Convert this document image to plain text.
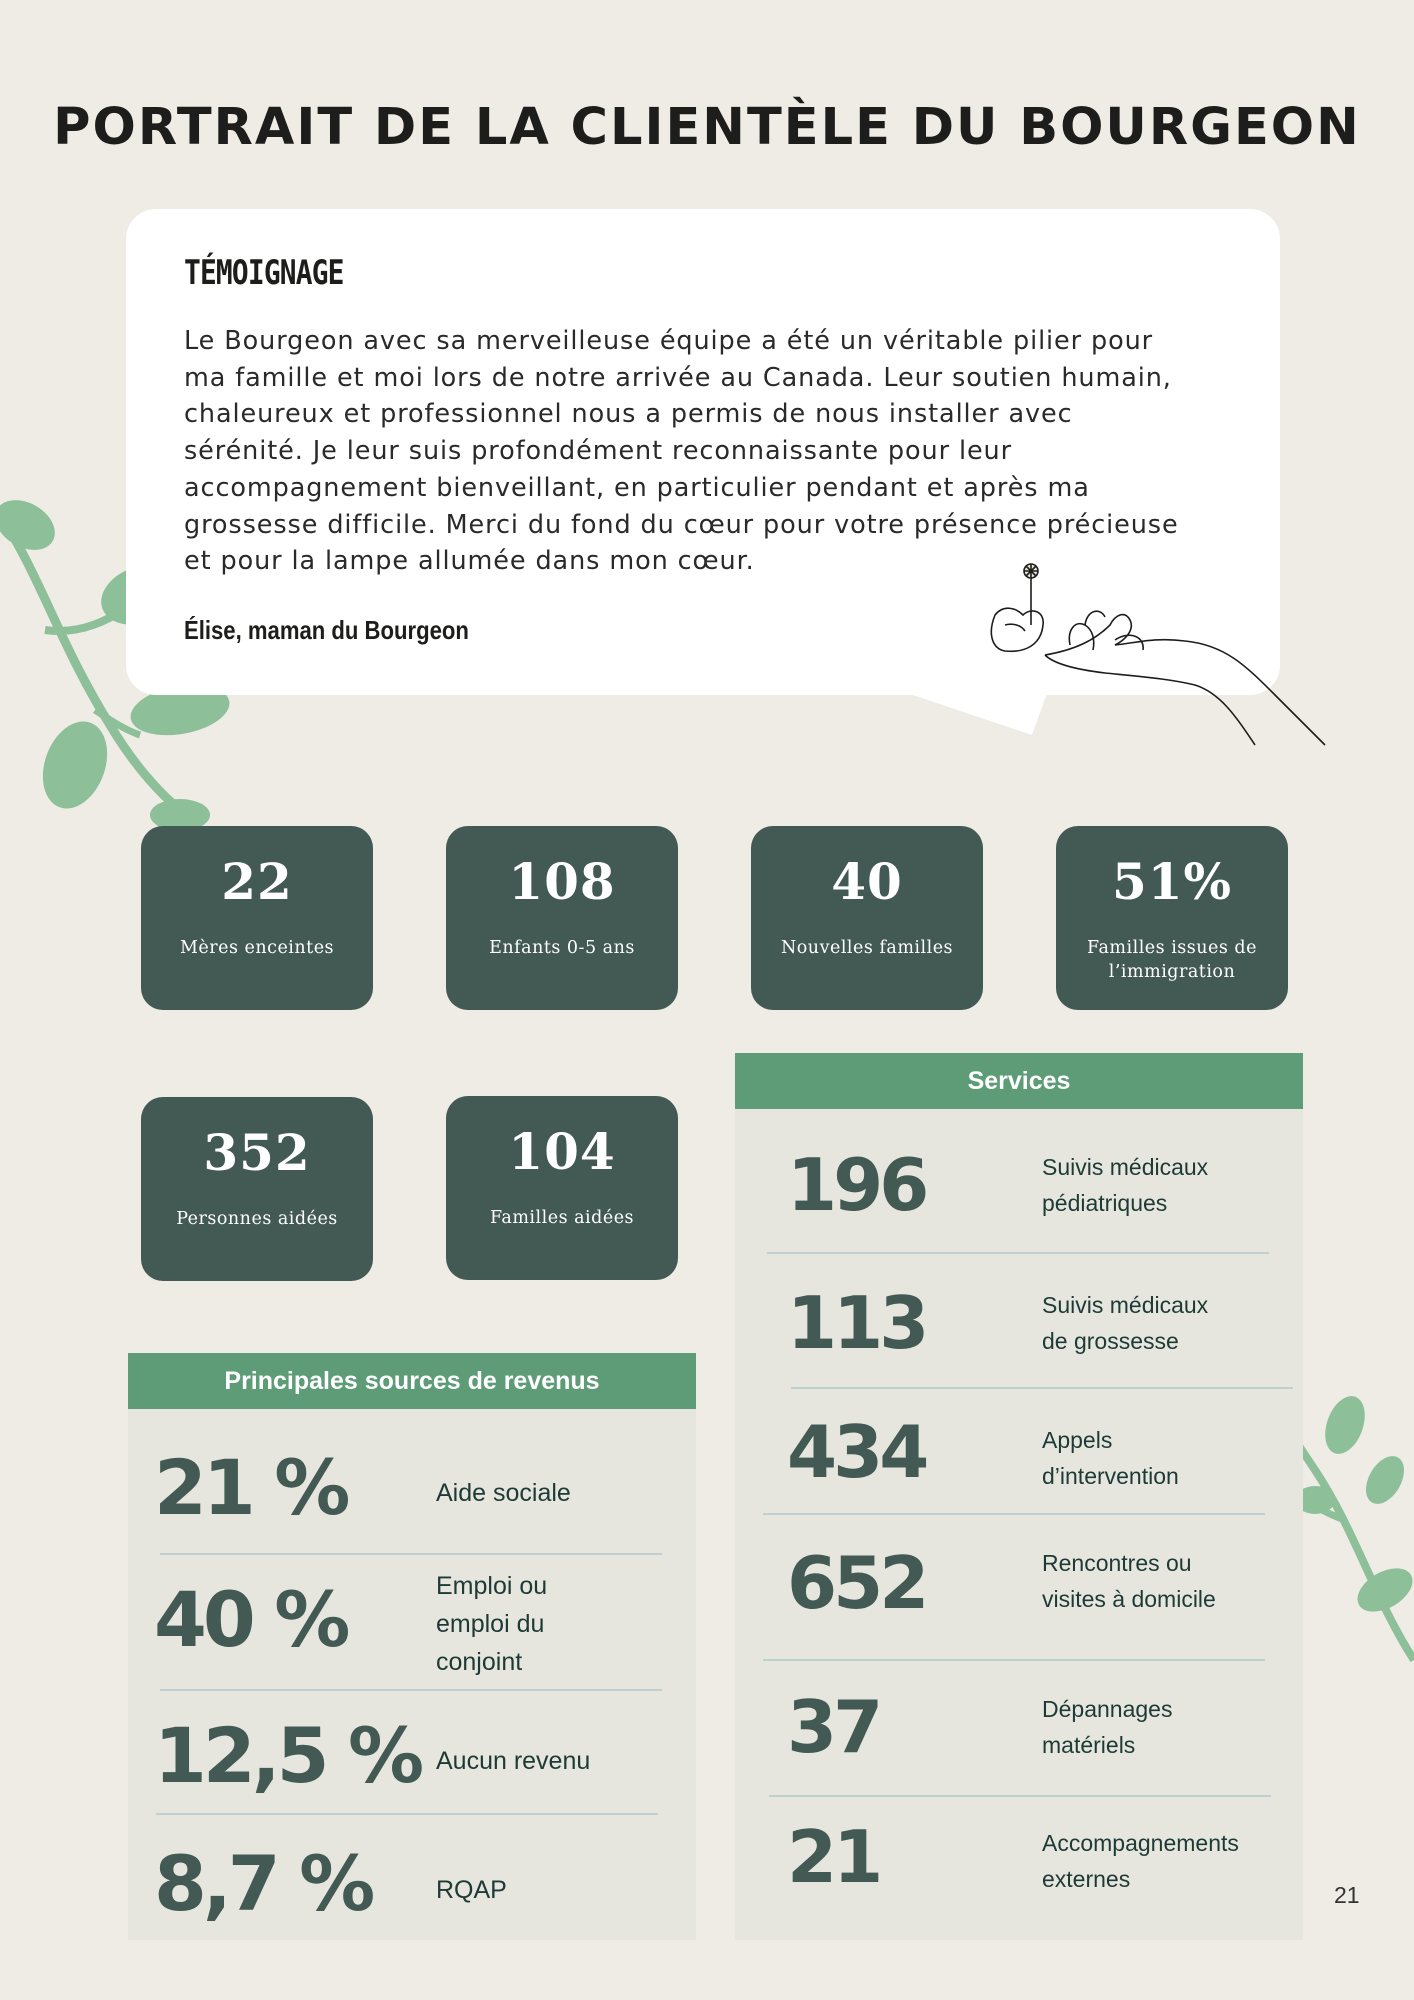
PORTRAIT DE LA CLIENTÈLE DU BOURGEON
TÉMOIGNAGE
Le Bourgeon avec sa merveilleuse équipe a été un véritable pilier pour
ma famille et moi lors de notre arrivée au Canada. Leur soutien humain,
chaleureux et professionnel nous a permis de nous installer avec
sérénité. Je leur suis profondément reconnaissante pour leur
accompagnement bienveillant, en particulier pendant et après ma
grossesse difficile. Merci du fond du cœur pour votre présence précieuse
et pour la lampe allumée dans mon cœur.
Élise, maman du Bourgeon
22
Mères enceintes
108
Enfants 0-5 ans
40
Nouvelles familles
51%
Familles issues de l’immigration
352
Personnes aidées
104
Familles aidées
Principales sources de revenus
21 %	Aide sociale
40 %	Emploi ou emploi du conjoint
12,5 % Aucun revenu
8,7 %	RQAP
Services
196	Suivis médicaux
pédiatriques
113	Suivis médicaux
de grossesse
434	Appels
d’intervention
652	Rencontres ou
visites à domicile
37	Dépannages
matériels
21	Accompagnements
externes
21
